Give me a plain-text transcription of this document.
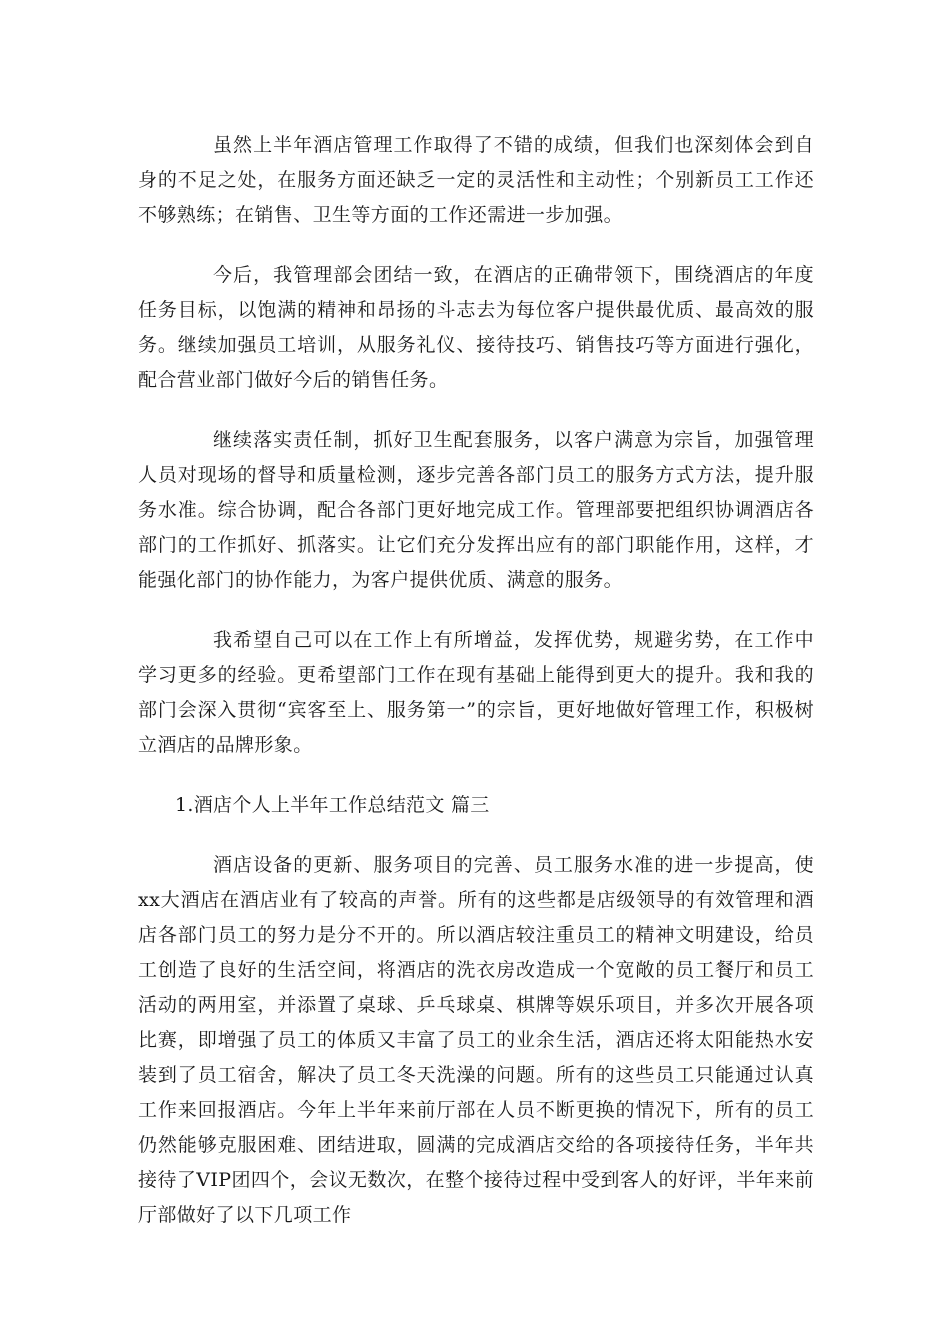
虽然上半年酒店管理工作取得了不错的成绩，但我们也深刻体会到自身的不足之处，在服务方面还缺乏一定的灵活性和主动性；个别新员工工作还不够熟练；在销售、卫生等方面的工作还需进一步加强。

今后，我管理部会团结一致，在酒店的正确带领下，围绕酒店的年度任务目标，以饱满的精神和昂扬的斗志去为每位客户提供最优质、最高效的服务。继续加强员工培训，从服务礼仪、接待技巧、销售技巧等方面进行强化，配合营业部门做好今后的销售任务。

继续落实责任制，抓好卫生配套服务，以客户满意为宗旨，加强管理人员对现场的督导和质量检测，逐步完善各部门员工的服务方式方法，提升服务水准。综合协调，配合各部门更好地完成工作。管理部要把组织协调酒店各部门的工作抓好、抓落实。让它们充分发挥出应有的部门职能作用，这样，才能强化部门的协作能力，为客户提供优质、满意的服务。

我希望自己可以在工作上有所增益，发挥优势，规避劣势，在工作中学习更多的经验。更希望部门工作在现有基础上能得到更大的提升。我和我的部门会深入贯彻“宾客至上、服务第一”的宗旨，更好地做好管理工作，积极树立酒店的品牌形象。

1.酒店个人上半年工作总结范文 篇三

酒店设备的更新、服务项目的完善、员工服务水准的进一步提高，使xx大酒店在酒店业有了较高的声誉。所有的这些都是店级领导的有效管理和酒店各部门员工的努力是分不开的。所以酒店较注重员工的精神文明建设，给员工创造了良好的生活空间，将酒店的洗衣房改造成一个宽敞的员工餐厅和员工活动的两用室，并添置了桌球、乒乓球桌、棋牌等娱乐项目，并多次开展各项比赛，即增强了员工的体质又丰富了员工的业余生活，酒店还将太阳能热水安装到了员工宿舍，解决了员工冬天洗澡的问题。所有的这些员工只能通过认真工作来回报酒店。今年上半年来前厅部在人员不断更换的情况下，所有的员工仍然能够克服困难、团结进取，圆满的完成酒店交给的各项接待任务，半年共接待了VIP团四个，会议无数次，在整个接待过程中受到客人的好评，半年来前厅部做好了以下几项工作
